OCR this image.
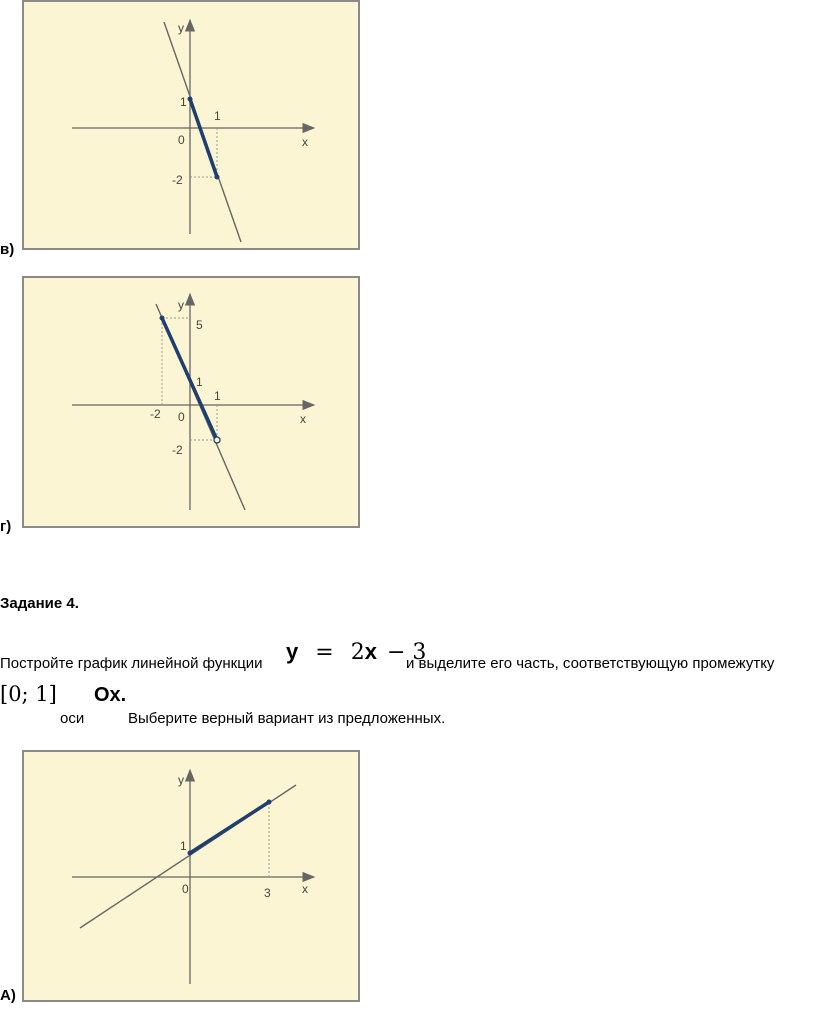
y
x
0
1
1
-2
в)
y
x
0
-2
1
5
1
-2
г)
Задание 4.
Постройте график линейной функции y = 2x − 3
и выделите его часть, соответствующую промежутку
[0; 1]
оси
Ox.
Выберите верный вариант из предложенных.
y
x
0	3
1
А)
